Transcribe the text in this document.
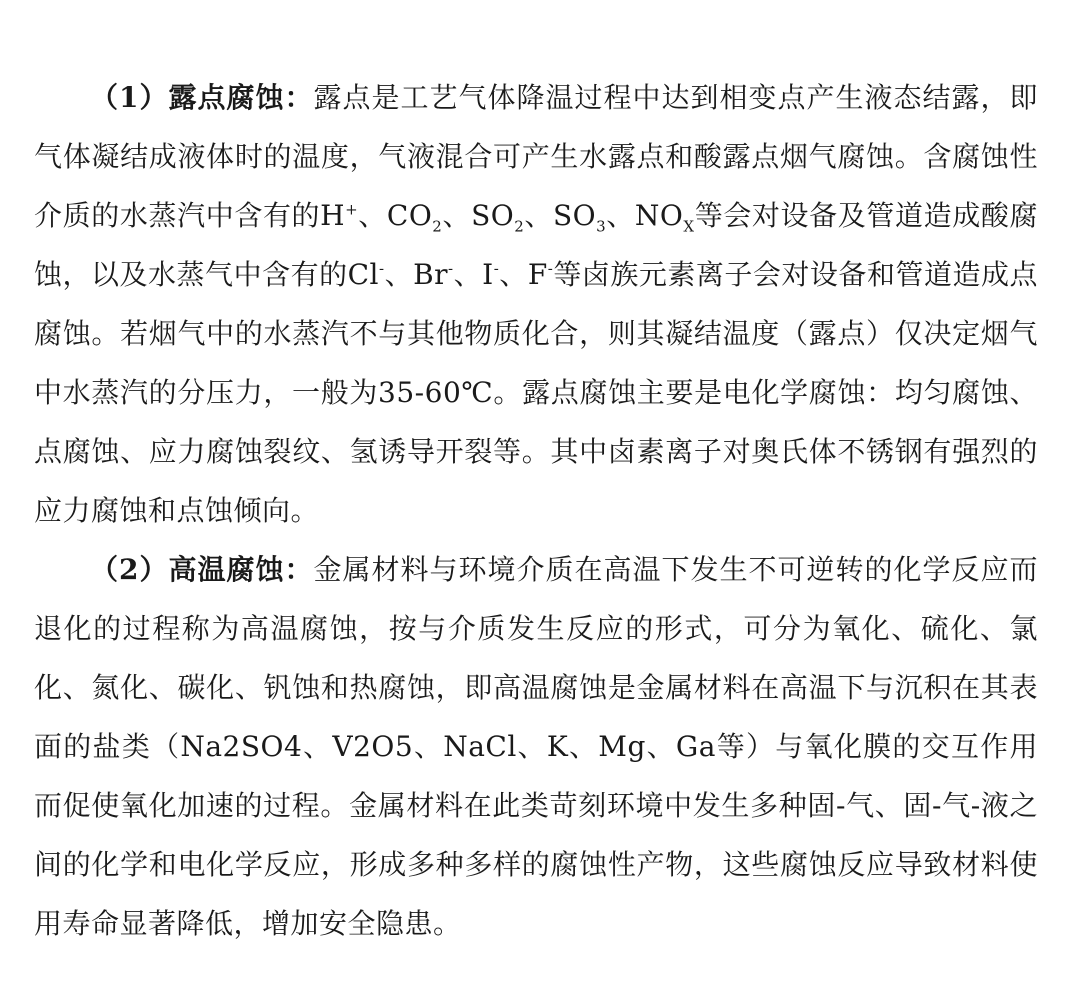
（1）露点腐蚀：露点是工艺气体降温过程中达到相变点产生液态结露，即气体凝结成液体时的温度，气液混合可产生水露点和酸露点烟气腐蚀。含腐蚀性介质的水蒸汽中含有的H+、$CO_2$、$SO_2$、$SO_3$、$NO_X$等会对设备及管道造成酸腐蚀，以及水蒸气中含有的Cl-、Br-、I-、F-等卤族元素离子会对设备和管道造成点腐蚀。若烟气中的水蒸汽不与其他物质化合，则其凝结温度（露点）仅决定烟气中水蒸汽的分压力，一般为35-60℃。露点腐蚀主要是电化学腐蚀：均匀腐蚀、点腐蚀、应力腐蚀裂纹、氢诱导开裂等。其中卤素离子对奥氏体不锈钢有强烈的应力腐蚀和点蚀倾向。

（2）高温腐蚀：金属材料与环境介质在高温下发生不可逆转的化学反应而退化的过程称为高温腐蚀，按与介质发生反应的形式，可分为氧化、硫化、氯化、氮化、碳化、钒蚀和热腐蚀，即高温腐蚀是金属材料在高温下与沉积在其表面的盐类（Na2SO4、V2O5、NaCl、K、Mg、Ga等）与氧化膜的交互作用而促使氧化加速的过程。金属材料在此类苛刻环境中发生多种固-气、固-气-液之间的化学和电化学反应，形成多种多样的腐蚀性产物，这些腐蚀反应导致材料使用寿命显著降低，增加安全隐患。
